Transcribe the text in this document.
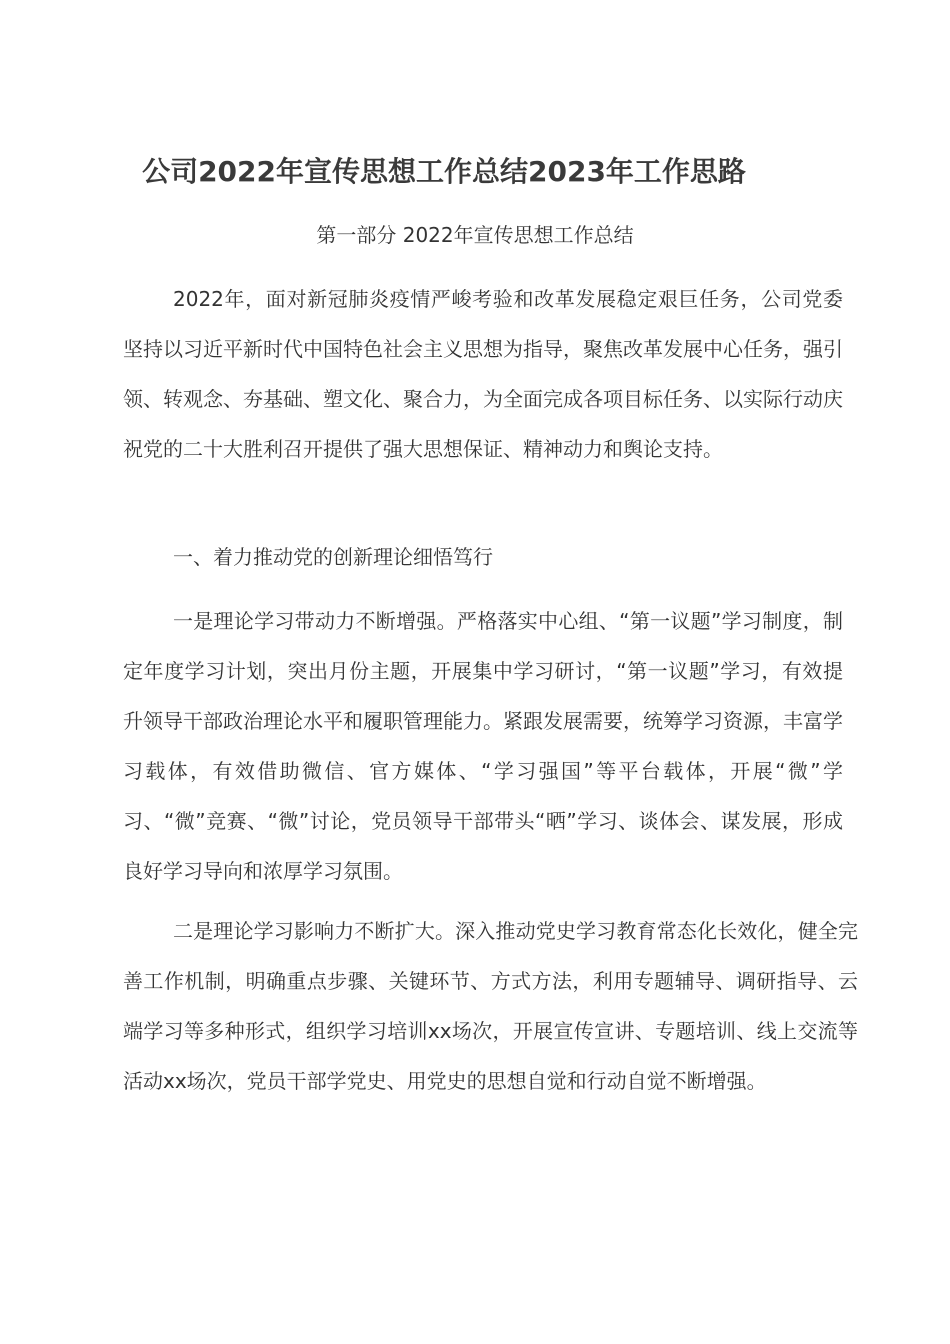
公司2022年宣传思想工作总结2023年工作思路
第一部分 2022年宣传思想工作总结

2022年，面对新冠肺炎疫情严峻考验和改革发展稳定艰巨任务，公司党委坚持以习近平新时代中国特色社会主义思想为指导，聚焦改革发展中心任务，强引领、转观念、夯基础、塑文化、聚合力，为全面完成各项目标任务、以实际行动庆祝党的二十大胜利召开提供了强大思想保证、精神动力和舆论支持。

一、着力推动党的创新理论细悟笃行

一是理论学习带动力不断增强。严格落实中心组、“第一议题”学习制度，制定年度学习计划，突出月份主题，开展集中学习研讨，“第一议题”学习，有效提升领导干部政治理论水平和履职管理能力。紧跟发展需要，统筹学习资源，丰富学习载体，有效借助微信、官方媒体、“学习强国”等平台载体，开展“微”学习、“微”竞赛、“微”讨论，党员领导干部带头“晒”学习、谈体会、谋发展，形成良好学习导向和浓厚学习氛围。

二是理论学习影响力不断扩大。深入推动党史学习教育常态化长效化，健全完善工作机制，明确重点步骤、关键环节、方式方法，利用专题辅导、调研指导、云端学习等多种形式，组织学习培训xx场次，开展宣传宣讲、专题培训、线上交流等活动xx场次，党员干部学党史、用党史的思想自觉和行动自觉不断增强。
